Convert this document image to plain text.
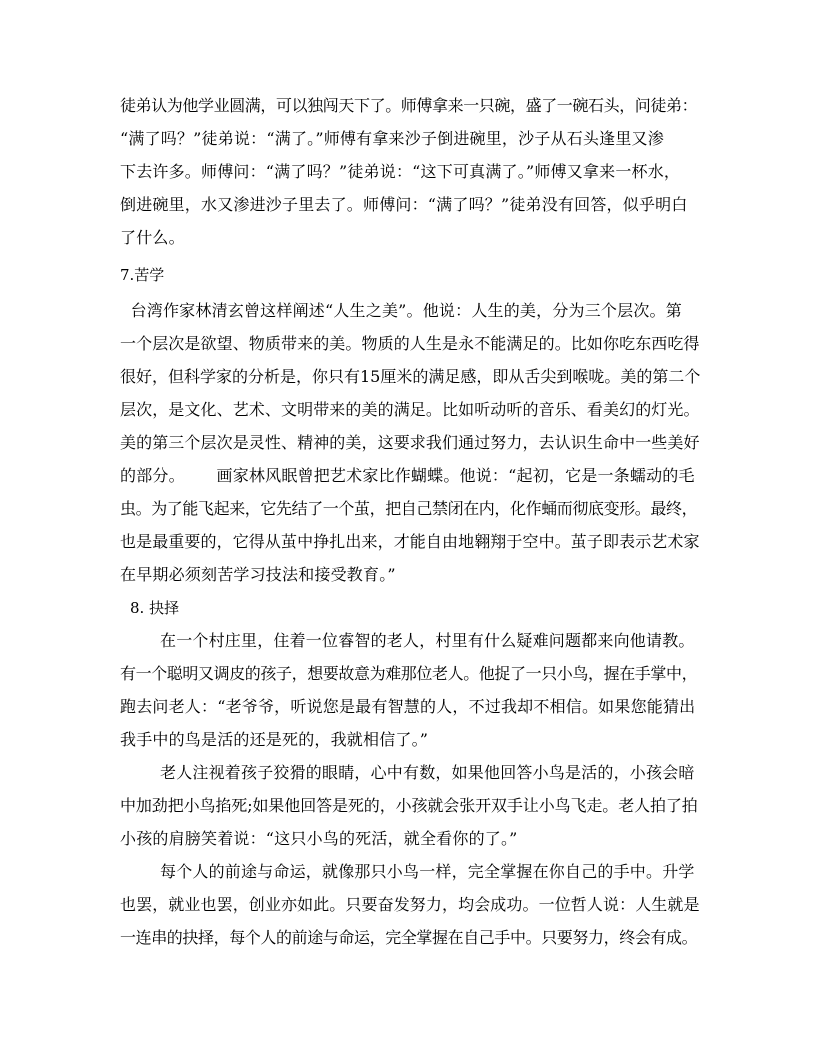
徒弟认为他学业圆满，可以独闯天下了。师傅拿来一只碗，盛了一碗石头，问徒弟：
“满了吗？”徒弟说：“满了。”师傅有拿来沙子倒进碗里，沙子从石头逢里又渗
下去许多。师傅问：“满了吗？”徒弟说：“这下可真满了。”师傅又拿来一杯水，
倒进碗里，水又渗进沙子里去了。师傅问：“满了吗？”徒弟没有回答，似乎明白
了什么。
7.苦学
台湾作家林清玄曾这样阐述“人生之美”。他说：人生的美，分为三个层次。第
一个层次是欲望、物质带来的美。物质的人生是永不能满足的。比如你吃东西吃得
很好，但科学家的分析是，你只有15厘米的满足感，即从舌尖到喉咙。美的第二个
层次，是文化、艺术、文明带来的美的满足。比如听动听的音乐、看美幻的灯光。
美的第三个层次是灵性、精神的美，这要求我们通过努力，去认识生命中一些美好
的部分。      画家林风眠曾把艺术家比作蝴蝶。他说：“起初，它是一条蠕动的毛
虫。为了能飞起来，它先结了一个茧，把自己禁闭在内，化作蛹而彻底变形。最终，
也是最重要的，它得从茧中挣扎出来，才能自由地翱翔于空中。茧子即表示艺术家
在早期必须刻苦学习技法和接受教育。”
8. 抉择
在一个村庄里，住着一位睿智的老人，村里有什么疑难问题都来向他请教。
有一个聪明又调皮的孩子，想要故意为难那位老人。他捉了一只小鸟，握在手掌中，
跑去问老人：“老爷爷，听说您是最有智慧的人，不过我却不相信。如果您能猜出
我手中的鸟是活的还是死的，我就相信了。”
老人注视着孩子狡猾的眼睛，心中有数，如果他回答小鸟是活的，小孩会暗
中加劲把小鸟掐死;如果他回答是死的，小孩就会张开双手让小鸟飞走。老人拍了拍
小孩的肩膀笑着说：“这只小鸟的死活，就全看你的了。”
每个人的前途与命运，就像那只小鸟一样，完全掌握在你自己的手中。升学
也罢，就业也罢，创业亦如此。只要奋发努力，均会成功。一位哲人说：人生就是
一连串的抉择，每个人的前途与命运，完全掌握在自己手中。只要努力，终会有成。
